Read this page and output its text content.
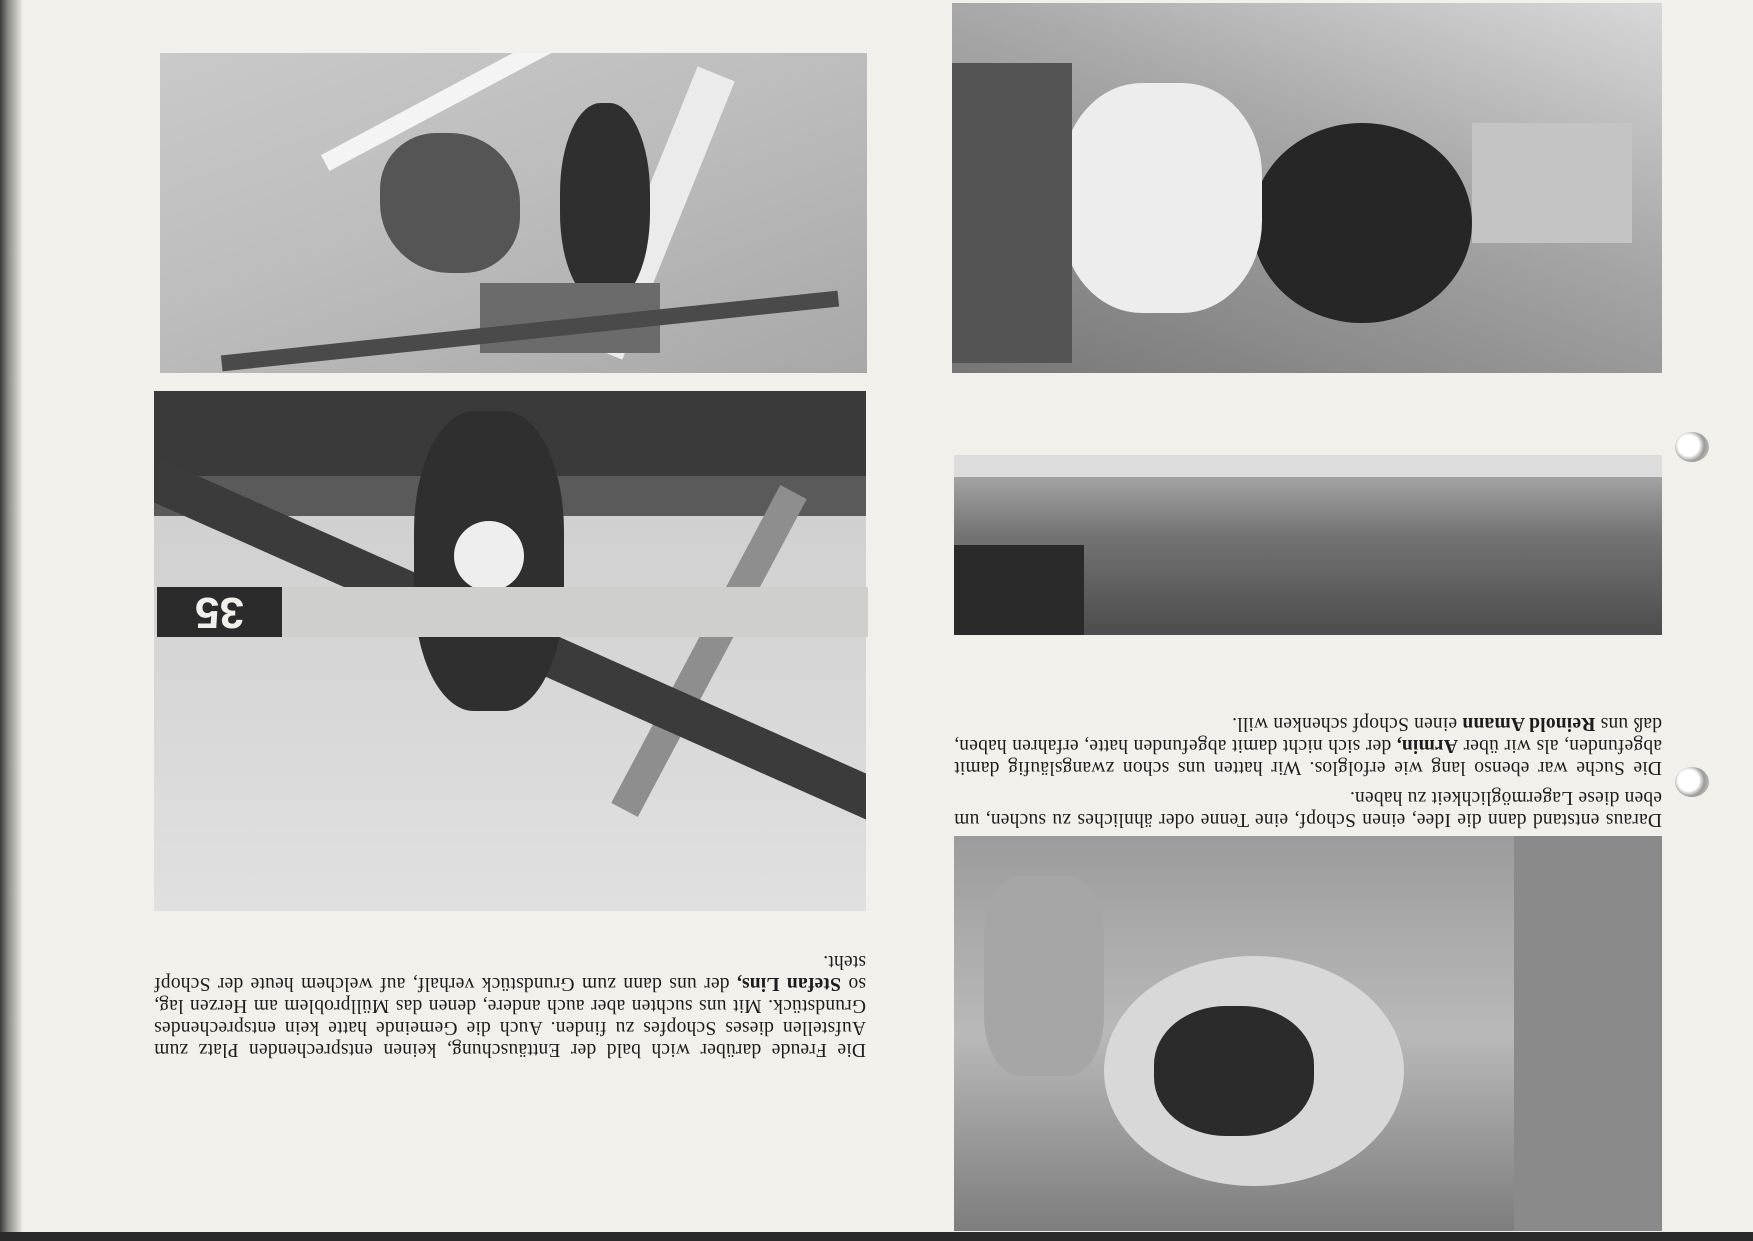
35

Die Freude darüber wich bald der Enttäuschung, keinen entsprechenden Platz zum Aufstellen dieses Schopfes zu finden. Auch die Gemeinde hatte kein entsprechendes Grundstück. Mit uns suchten aber auch andere, denen das Müllproblem am Herzen lag, so Stefan Lins, der uns dann zum Grundstück verhalf, auf welchem heute der Schopf steht.

Daraus entstand dann die Idee, einen Schopf, eine Tenne oder ähnliches zu suchen, um eben diese Lagermöglichkeit zu haben.

Die Suche war ebenso lang wie erfolglos. Wir hatten uns schon zwangsläufig damit abgefunden, als wir über Armin, der sich nicht damit abgefunden hatte, erfahren haben, daß uns Reinold Amann einen Schopf schenken will.
